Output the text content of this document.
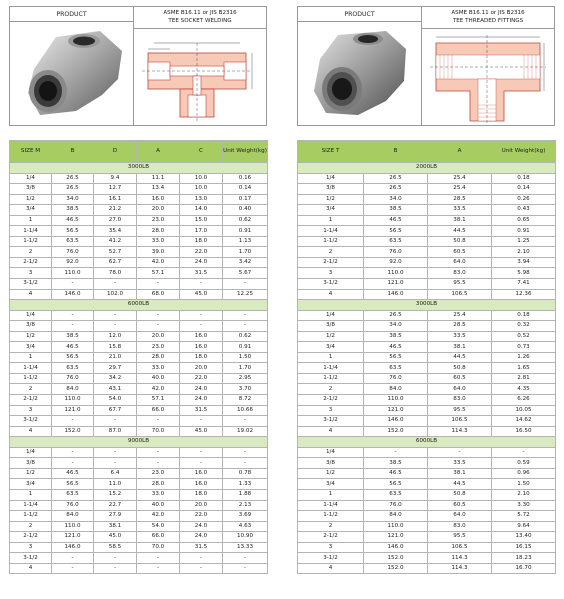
PRODUCT	ASME B16.11 or JIS B2316
TEE SOCKET WELDING
SIZE M	B	D	A	C	Unit Weight(kg)
3000LB					
1/4	26.5	9.4	11.1	10.0	0.16
3/8	26.5	12.7	13.4	10.0	0.14
1/2	34.0	16.1	16.0	13.0	0.17
3/4	38.5	21.2	20.0	14.0	0.40
1	46.5	27.0	23.0	15.0	0.62
1-1/4	56.5	35.4	28.0	17.0	0.91
1-1/2	63.5	41.2	33.0	18.0	1.13
2	76.0	52.7	39.0	22.0	1.70
2-1/2	92.0	62.7	42.0	24.0	3.42
3	110.0	78.0	57.1	31.5	5.67
3-1/2	-	-	-	-	-
4	146.0	102.0	68.0	45.0	12.25
6000LB					
1/4	-	-	-	-	-
3/8	-	-	-	-	-
1/2	38.5	12.0	20.0	16.0	0.62
3/4	46.5	15.8	23.0	16.0	0.91
1	56.5	21.0	28.0	18.0	1.50
1-1/4	63.5	29.7	33.0	20.0	1.70
1-1/2	76.0	34.2	40.0	22.0	2.95
2	84.0	43.1	42.0	24.0	3.70
2-1/2	110.0	54.0	57.1	24.0	8.72
3	121.0	67.7	66.0	31.5	10.66
3-1/2	-	-	-	-	-
4	152.0	87.0	70.0	45.0	19.02
9000LB					
1/4	-	-	-	-	-
3/8	-	-	-	-	-
1/2	46.5	6.4	23.0	16.0	0.78
3/4	56.5	11.0	28.0	16.0	1.33
1	63.5	15.2	33.0	18.0	1.88
1-1/4	76.0	22.7	40.0	20.0	2.13
1-1/2	84.0	27.9	42.0	22.0	3.69
2	110.0	38.1	54.0	24.0	4.63
2-1/2	121.0	45.0	66.0	24.0	10.90
3	146.0	58.5	70.0	31.5	13.33
3-1/2	-	-	-	-	-
4	-	-	-	-	-
PRODUCT	ASME B16.11 or JIS B2316
TEE THREADED FITTINGS
SIZE T	B	A	Unit Weight(kg)
2000LB			
1/4	26.5	25.4	0.18
3/8	26.5	25.4	0.14
1/2	34.0	28.5	0.26
3/4	38.5	33.5	0.43
1	46.5	38.1	0.65
1-1/4	56.5	44.5	0.91
1-1/2	63.5	50.8	1.25
2	76.0	60.5	2.10
2-1/2	92.0	64.0	3.94
3	110.0	83.0	5.98
3-1/2	121.0	95.5	7.41
4	146.0	106.5	12.36
3000LB			
1/4	26.5	25.4	0.18
3/8	34.0	28.5	0.32
1/2	38.5	33.5	0.52
3/4	46.5	38.1	0.73
1	56.5	44.5	1.26
1-1/4	63.5	50.8	1.65
1-1/2	76.0	60.5	2.81
2	84.0	64.0	4.35
2-1/2	110.0	83.0	6.26
3	121.0	95.5	10.05
3-1/2	146.0	106.5	14.62
4	152.0	114.3	16.50
6000LB			
1/4	-	-	-
3/8	38.5	33.5	0.59
1/2	46.5	38.1	0.96
3/4	56.5	44.5	1.50
1	63.5	50.8	2.10
1-1/4	76.0	60.5	3.30
1-1/2	84.0	64.0	5.72
2	110.0	83.0	9.64
2-1/2	121.0	95.5	13.40
3	146.0	106.5	16.15
3-1/2	152.0	114.3	18.23
4	152.0	114.3	16.70
